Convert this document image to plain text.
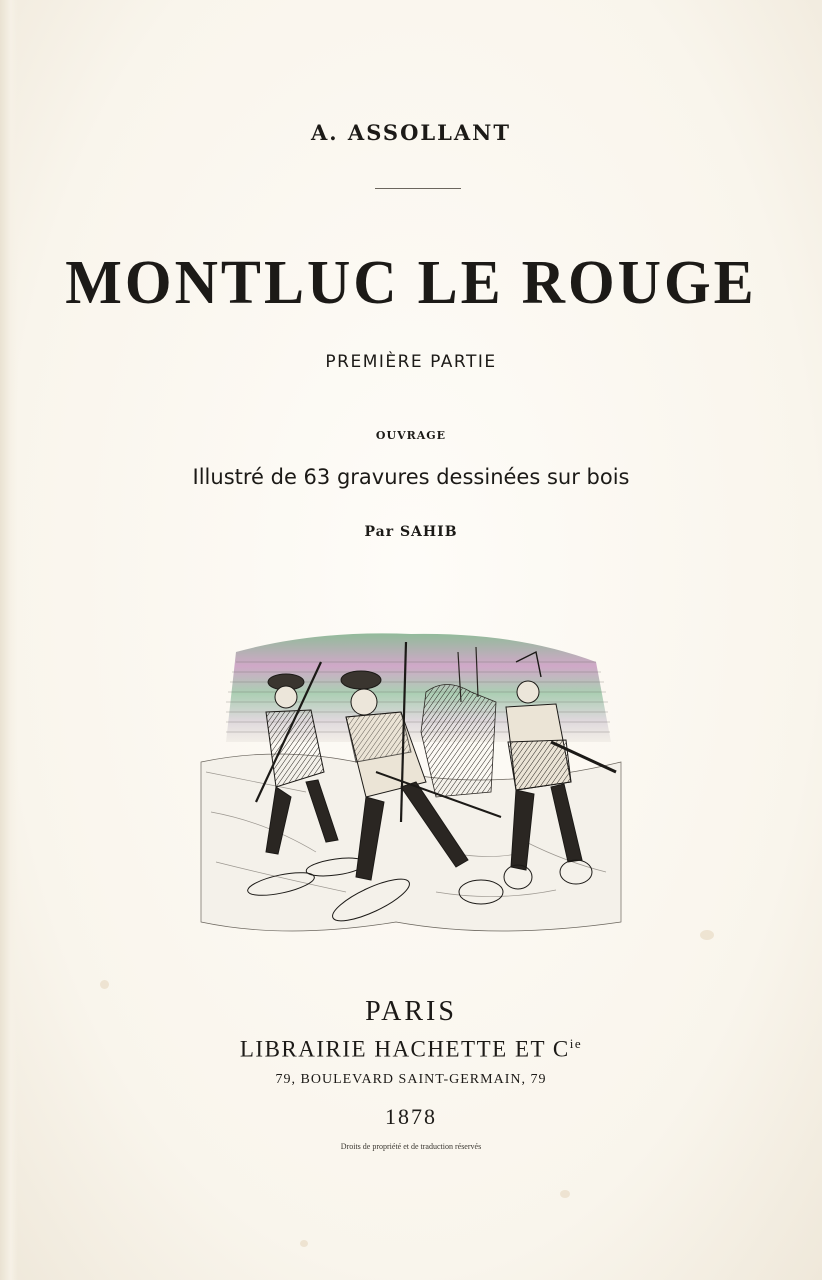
A. ASSOLLANT
MONTLUC LE ROUGE
PREMIÈRE PARTIE
OUVRAGE
Illustré de 63 gravures dessinées sur bois
Par SAHIB
PARIS
LIBRAIRIE HACHETTE ET $C^{ie}$
79, BOULEVARD SAINT-GERMAIN, 79
1878
Droits de propriété et de traduction réservés
